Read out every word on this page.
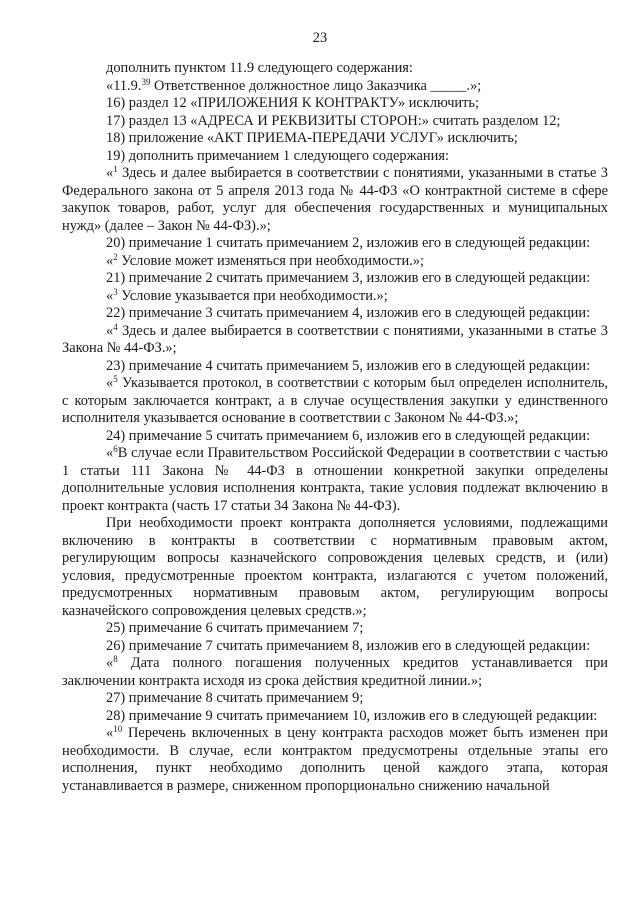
23

дополнить пунктом 11.9 следующего содержания:

«11.9.39 Ответственное должностное лицо Заказчика _____.»;

16) раздел 12 «ПРИЛОЖЕНИЯ К КОНТРАКТУ» исключить;

17) раздел 13 «АДРЕСА И РЕКВИЗИТЫ СТОРОН:» считать разделом 12;

18) приложение «АКТ ПРИЕМА-ПЕРЕДАЧИ УСЛУГ» исключить;

19) дополнить примечанием 1 следующего содержания:

«$^1$ Здесь и далее выбирается в соответствии с понятиями, указанными в статье 3 Федерального закона от 5 апреля 2013 года № 44-ФЗ «О контрактной системе в сфере закупок товаров, работ, услуг для обеспечения государственных и муниципальных нужд» (далее – Закон № 44-ФЗ).»;

20) примечание 1 считать примечанием 2, изложив его в следующей редакции:

«$^2$ Условие может изменяться при необходимости.»;

21) примечание 2 считать примечанием 3, изложив его в следующей редакции:

«$^3$ Условие указывается при необходимости.»;

22) примечание 3 считать примечанием 4, изложив его в следующей редакции:

«$^4$ Здесь и далее выбирается в соответствии с понятиями, указанными в статье 3 Закона № 44-ФЗ.»;

23) примечание 4 считать примечанием 5, изложив его в следующей редакции:

«$^5$ Указывается протокол, в соответствии с которым был определен исполнитель, с которым заключается контракт, а в случае осуществления закупки у единственного исполнителя указывается основание в соответствии с Законом № 44-ФЗ.»;

24) примечание 5 считать примечанием 6, изложив его в следующей редакции:

«$^6$В случае если Правительством Российской Федерации в соответствии с частью 1 статьи 111 Закона № 44-ФЗ в отношении конкретной закупки определены дополнительные условия исполнения контракта, такие условия подлежат включению в проект контракта (часть 17 статьи 34 Закона № 44-ФЗ).

При необходимости проект контракта дополняется условиями, подлежащими включению в контракты в соответствии с нормативным правовым актом, регулирующим вопросы казначейского сопровождения целевых средств, и (или) условия, предусмотренные проектом контракта, излагаются с учетом положений, предусмотренных нормативным правовым актом, регулирующим вопросы казначейского сопровождения целевых средств.»;

25) примечание 6 считать примечанием 7;

26) примечание 7 считать примечанием 8, изложив его в следующей редакции:

«$^8$ Дата полного погашения полученных кредитов устанавливается при заключении контракта исходя из срока действия кредитной линии.»;

27) примечание 8 считать примечанием 9;

28) примечание 9 считать примечанием 10, изложив его в следующей редакции:

«$^{10}$ Перечень включенных в цену контракта расходов может быть изменен при необходимости. В случае, если контрактом предусмотрены отдельные этапы его исполнения, пункт необходимо дополнить ценой каждого этапа, которая устанавливается в размере, сниженном пропорционально снижению начальной
